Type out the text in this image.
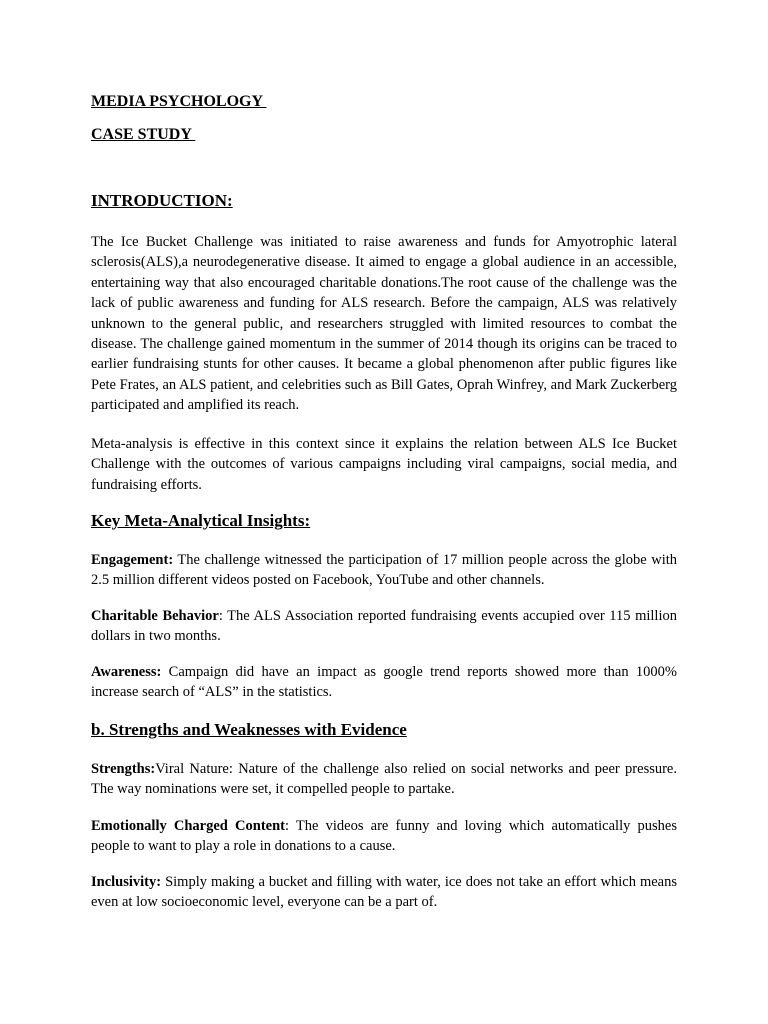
MEDIA PSYCHOLOGY
CASE STUDY
INTRODUCTION:

The Ice Bucket Challenge was initiated to raise awareness and funds for Amyotrophic lateral sclerosis(ALS),a neurodegenerative disease. It aimed to engage a global audience in an accessible, entertaining way that also encouraged charitable donations.The root cause of the challenge was the lack of public awareness and funding for ALS research. Before the campaign, ALS was relatively unknown to the general public, and researchers struggled with limited resources to combat the disease. The challenge gained momentum in the summer of 2014 though its origins can be traced to earlier fundraising stunts for other causes. It became a global phenomenon after public figures like Pete Frates, an ALS patient, and celebrities such as Bill Gates, Oprah Winfrey, and Mark Zuckerberg participated and amplified its reach.

Meta-analysis is effective in this context since it explains the relation between ALS Ice Bucket Challenge with the outcomes of various campaigns including viral campaigns, social media, and fundraising efforts.

Key Meta-Analytical Insights:

Engagement: The challenge witnessed the participation of 17 million people across the globe with 2.5 million different videos posted on Facebook, YouTube and other channels.

Charitable Behavior: The ALS Association reported fundraising events accupied over 115 million dollars in two months.

Awareness: Campaign did have an impact as google trend reports showed more than 1000% increase search of “ALS” in the statistics.

b. Strengths and Weaknesses with Evidence

Strengths:Viral Nature: Nature of the challenge also relied on social networks and peer pressure. The way nominations were set, it compelled people to partake.

Emotionally Charged Content: The videos are funny and loving which automatically pushes people to want to play a role in donations to a cause.

Inclusivity: Simply making a bucket and filling with water, ice does not take an effort which means even at low socioeconomic level, everyone can be a part of.
